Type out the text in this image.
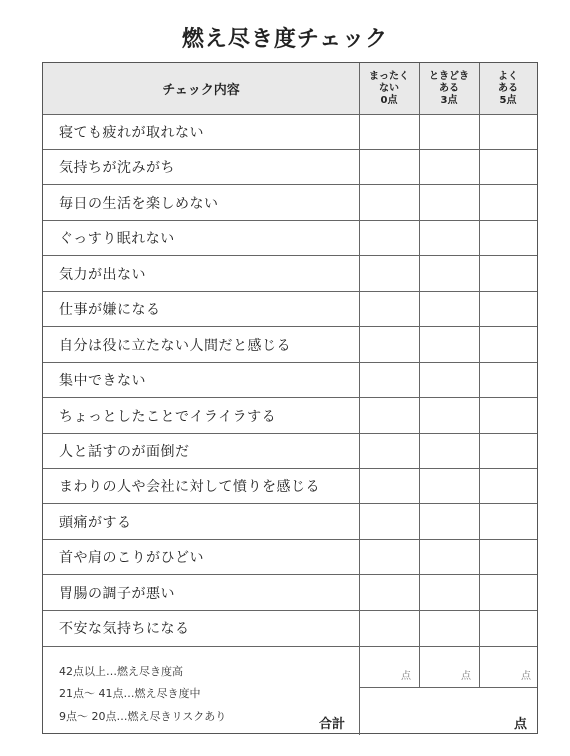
燃え尽き度チェック
チェック内容
まったく
ない
0点
ときどき
ある
3点
よく
ある
5点
寝ても疲れが取れない
気持ちが沈みがち
毎日の生活を楽しめない
ぐっすり眠れない
気力が出ない
仕事が嫌になる
自分は役に立たない人間だと感じる
集中できない
ちょっとしたことでイライラする
人と話すのが面倒だ
まわりの人や会社に対して憤りを感じる
頭痛がする
首や肩のこりがひどい
胃腸の調子が悪い
不安な気持ちになる
42点以上…燃え尽き度高
21点～ 41点…燃え尽き度中
9点～ 20点…燃え尽きリスクあり
合計
点	点	点
点
